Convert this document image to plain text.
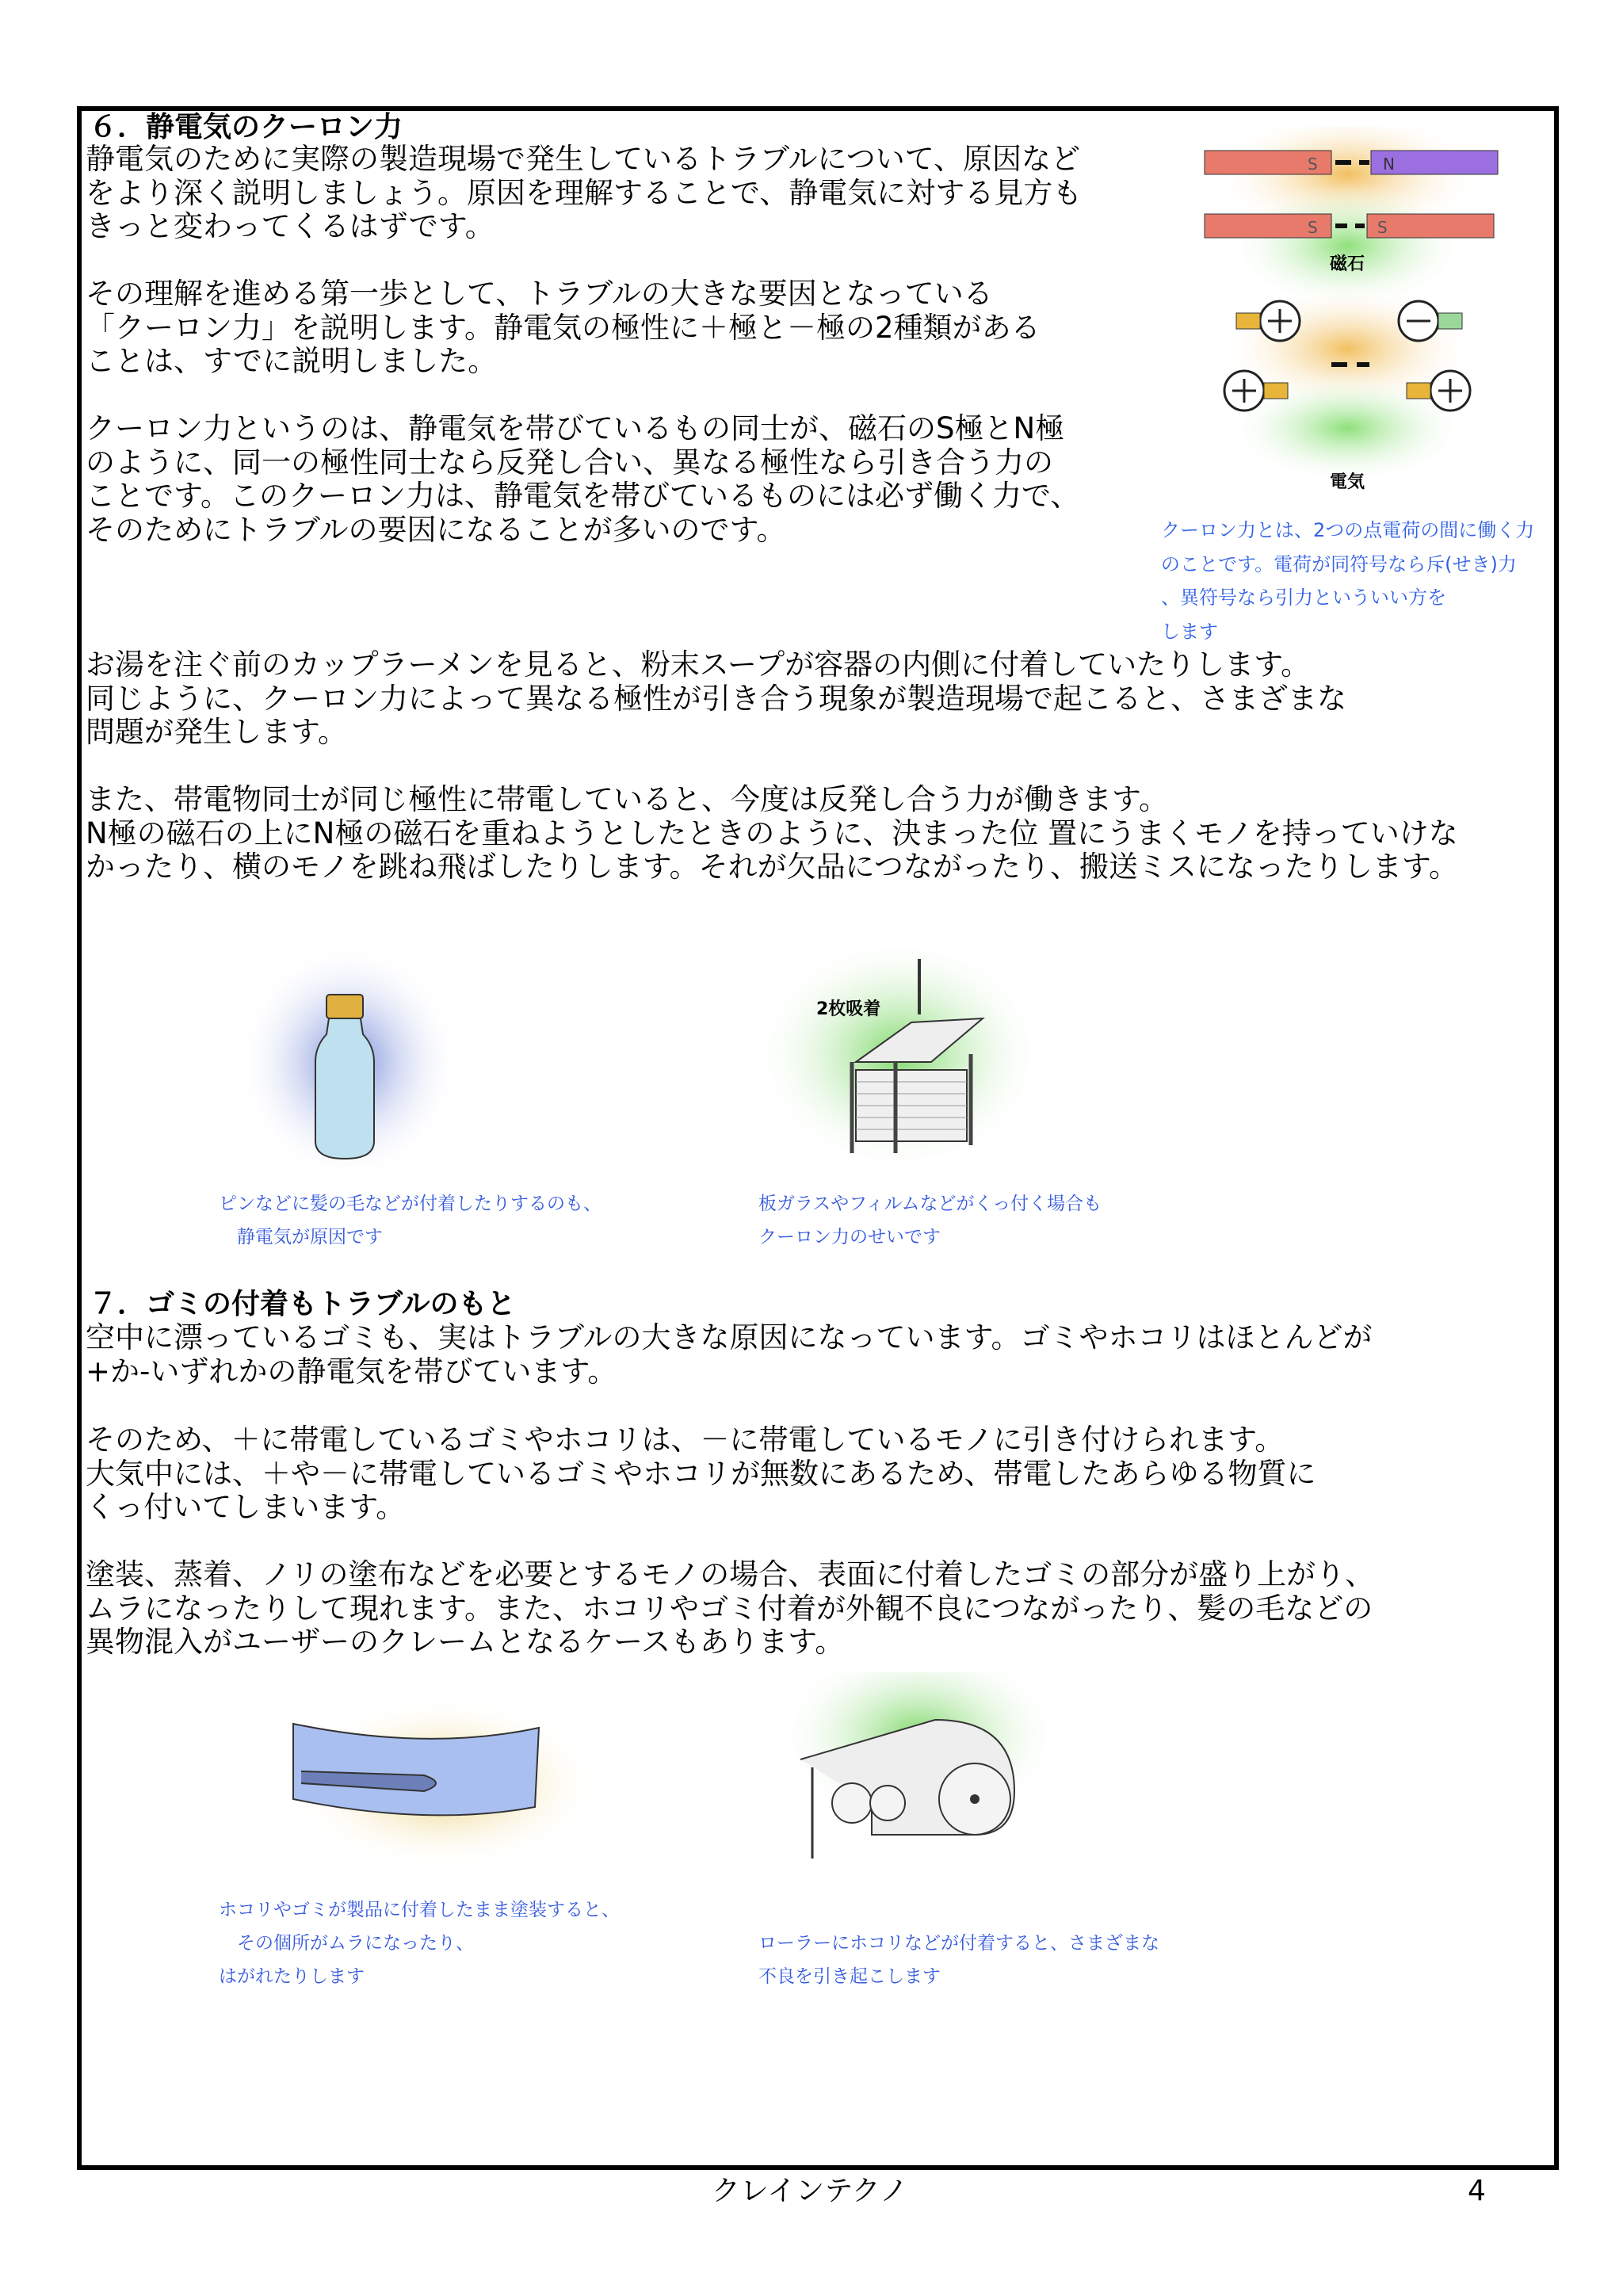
６．静電気のクーロン力
静電気のために実際の製造現場で発生しているトラブルについて、原因など
をより深く説明しましょう。原因を理解することで、静電気に対する見方も
きっと変わってくるはずです。
その理解を進める第一歩として、トラブルの大きな要因となっている
「クーロン力」を説明します。静電気の極性に＋極と－極の2種類がある
ことは、すでに説明しました。
クーロン力というのは、静電気を帯びているもの同士が、磁石のS極とN極
のように、同一の極性同士なら反発し合い、異なる極性なら引き合う力の
ことです。このクーロン力は、静電気を帯びているものには必ず働く力で、
そのためにトラブルの要因になることが多いのです。
S	N
S	S
磁石
電気
クーロン力とは、2つの点電荷の間に働く力
のことです。電荷が同符号なら斥(せき)力
、異符号なら引力といういい方を
します
お湯を注ぐ前のカップラーメンを見ると、粉末スープが容器の内側に付着していたりします。
同じように、クーロン力によって異なる極性が引き合う現象が製造現場で起こると、さまざまな
問題が発生します。
また、帯電物同士が同じ極性に帯電していると、今度は反発し合う力が働きます。
N極の磁石の上にN極の磁石を重ねようとしたときのように、決まった位 置にうまくモノを持っていけな
かったり、横のモノを跳ね飛ばしたりします。それが欠品につながったり、搬送ミスになったりします。
2枚吸着
ピンなどに髪の毛などが付着したりするのも、
　静電気が原因です
板ガラスやフィルムなどがくっ付く場合も
クーロン力のせいです
７．ゴミの付着もトラブルのもと
空中に漂っているゴミも、実はトラブルの大きな原因になっています。ゴミやホコリはほとんどが
+か-いずれかの静電気を帯びています。
そのため、＋に帯電しているゴミやホコリは、－に帯電しているモノに引き付けられます。
大気中には、＋や－に帯電しているゴミやホコリが無数にあるため、帯電したあらゆる物質に
くっ付いてしまいます。
塗装、蒸着、ノリの塗布などを必要とするモノの場合、表面に付着したゴミの部分が盛り上がり、
ムラになったりして現れます。また、ホコリやゴミ付着が外観不良につながったり、髪の毛などの
異物混入がユーザーのクレームとなるケースもあります。
ホコリやゴミが製品に付着したまま塗装すると、
　その個所がムラになったり、
はがれたりします
ローラーにホコリなどが付着すると、さまざまな
不良を引き起こします
クレインテクノ	4
